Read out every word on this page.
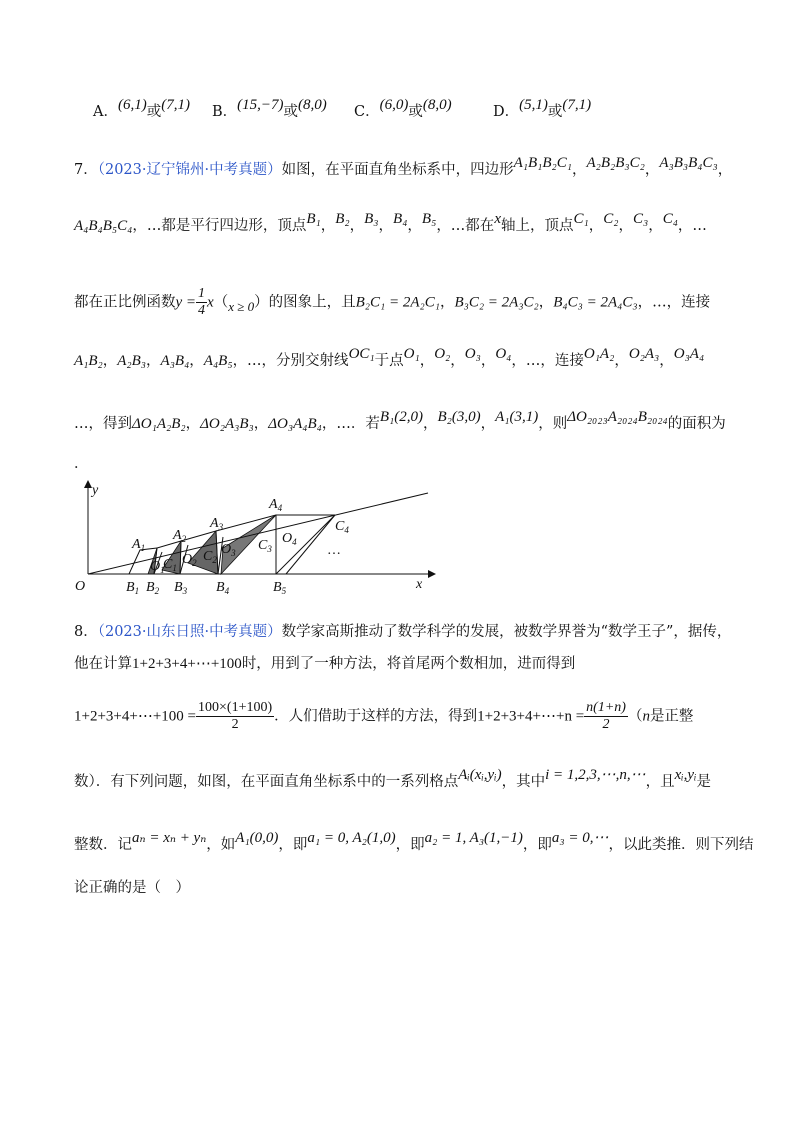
A．(6,1)或(7,1) B．(15,−7)或(8,0) C．(6,0)或(8,0)	D．(5,1)或(7,1)
7．（2023·辽宁锦州·中考真题）如图，在平面直角坐标系中，四边形A₁B₁B₂C₁，A₂B₂B₃C₂，A₃B₃B₄C₃，
A₄B₄B₅C₄，…都是平行四边形，顶点B₁，B₂，B₃，B₄，B₅，…都在x轴上，顶点C₁，C₂，C₃，C₄，…
都在正比例函数$y = \frac{1}{4} x(x \ge 0)$的图象上，且B₂C₁ = 2A₂C₁，B₃C₂ = 2A₃C₂，B₄C₃ = 2A₄C₃，…，连接
A₁B₂，A₂B₃，A₃B₄，A₄B₅，…，分别交射线OC₁于点O₁，O₂，O₃，O₄，…，连接O₁A₂，O₂A₃，O₃A₄
…，得到ΔO₁A₂B₂，ΔO₂A₃B₃，ΔO₃A₄B₄，…．若B₁(2,0)，B₂(3,0)，A₁(3,1)，则ΔO₂₀₂₃A₂₀₂₄B₂₀₂₄的面积为
．
O	x
y
…
$A_1$
$A_2$
$A_3$
$A_4$
$B_1$ $B_2$ $B_3$ $B_4$	$B_5$
$C_1$
$C_2$
$C_3$
$C_4$
$O_1$
$O_2$
$O_3$
$O_4$
8．（2023·山东日照·中考真题）数学家高斯推动了数学科学的发展，被数学界誉为“数学王子”，据传，
他在计算1+2+3+4+⋯+100时，用到了一种方法，将首尾两个数相加，进而得到
1+2+3+4+⋯+100 = $\frac{100\times(1+100)}{2}$ ．人们借助于这样的方法，得到1+2+3+4+⋯+n = $\frac{n(1+n)}{2} (n$是正整
数）．有下列问题，如图，在平面直角坐标系中的一系列格点Aᵢ(xᵢ,yᵢ)，其中i = 1,2,3,⋯,n,⋯，且xᵢ,yᵢ是
整数．记aₙ = xₙ + yₙ，如A₁(0,0)，即a₁ = 0, A₂(1,0)，即a₂ = 1, A₃(1,−1)，即a₃ = 0,⋯，以此类推．则下列结
论正确的是（　）
